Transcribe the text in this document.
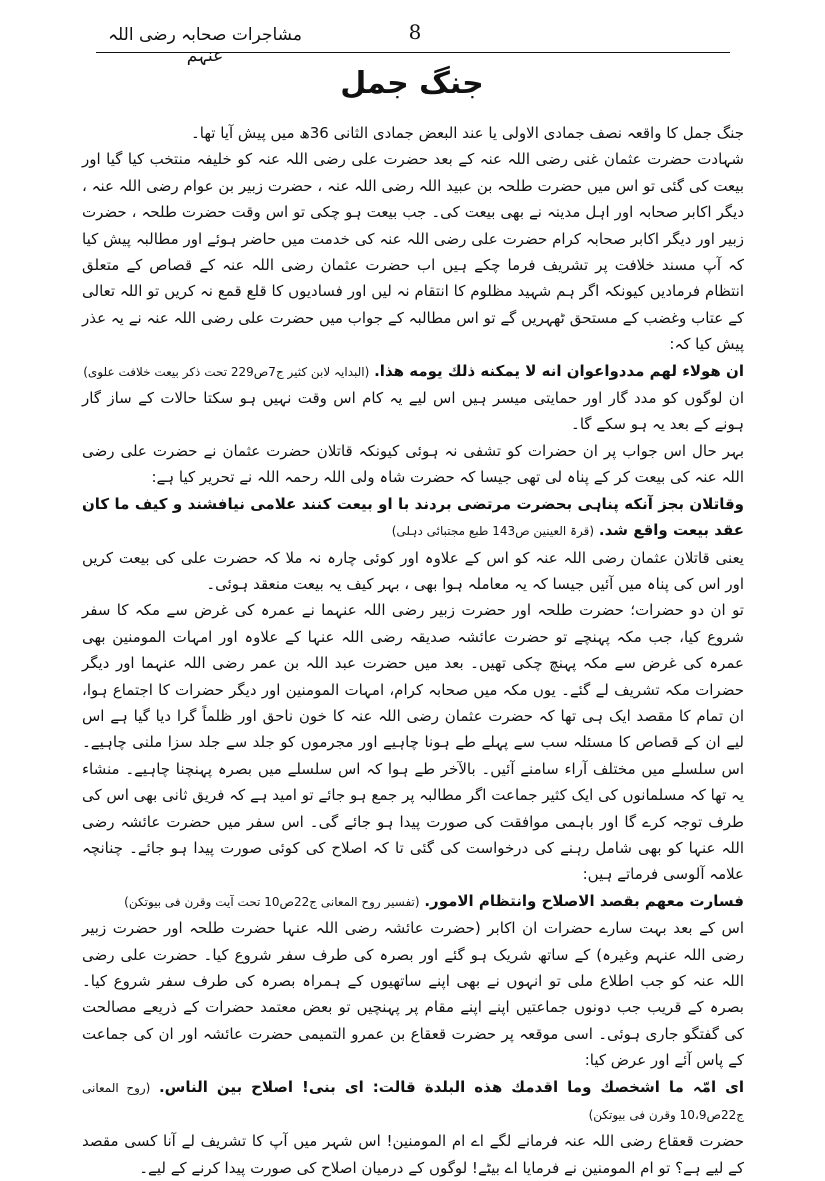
مشاجرات صحابہ رضی اللہ عنہم
8
جنگ جمل

جنگ جمل کا واقعہ نصف جمادی الاولی یا عند البعض جمادی الثانی 36ھ میں پیش آیا تھا۔

شہادت حضرت عثمان غنی رضی اللہ عنہ کے بعد حضرت علی رضی اللہ عنہ کو خلیفہ منتخب کیا گیا اور بیعت کی گئی تو اس میں حضرت طلحہ بن عبید اللہ رضی اللہ عنہ ، حضرت زبیر بن عوام رضی اللہ عنہ ، دیگر اکابر صحابہ اور اہل مدینہ نے بھی بیعت کی۔ جب بیعت ہو چکی تو اس وقت حضرت طلحہ ، حضرت زبیر اور دیگر اکابر صحابہ کرام حضرت علی رضی اللہ عنہ کی خدمت میں حاضر ہوئے اور مطالبہ پیش کیا کہ آپ مسند خلافت پر تشریف فرما چکے ہیں اب حضرت عثمان رضی اللہ عنہ کے قصاص کے متعلق انتظام فرمادیں کیونکہ اگر ہم شہید مظلوم کا انتقام نہ لیں اور فسادیوں کا قلع قمع نہ کریں تو اللہ تعالی کے عتاب وغضب کے مستحق ٹھہریں گے تو اس مطالبہ کے جواب میں حضرت علی رضی اللہ عنہ نے یہ عذر پیش کیا کہ:

ان هولاء لهم مددواعوان انه لا يمكنه ذلك يومه هذا. (البدایہ لابن کثیر ج7ص229 تحت ذکر بیعت خلافت علوی)

ان لوگوں کو مدد گار اور حمایتی میسر ہیں اس لیے یہ کام اس وقت نہیں ہو سکتا حالات کے ساز گار ہونے کے بعد یہ ہو سکے گا۔

بہر حال اس جواب پر ان حضرات کو تشفی نہ ہوئی کیونکہ قاتلان حضرت عثمان نے حضرت علی رضی اللہ عنہ کی بیعت کر کے پناہ لی تھی جیسا کہ حضرت شاہ ولی اللہ رحمہ اللہ نے تحریر کیا ہے:

وقاتلان بجز آنکه پناہی بحضرت مرتضی بردند با او بیعت کنند علامی نیافشند و کیف ما کان عقد بیعت واقع شد. (قرۃ العینین ص143 طبع مجتبائی دہلی)

یعنی قاتلان عثمان رضی اللہ عنہ کو اس کے علاوہ اور کوئی چارہ نہ ملا کہ حضرت علی کی بیعت کریں اور اس کی پناہ میں آئیں جیسا کہ یہ معاملہ ہوا بھی ، بہر کیف یہ بیعت منعقد ہوئی۔

تو ان دو حضرات؛ حضرت طلحہ اور حضرت زبیر رضی اللہ عنہما نے عمرہ کی غرض سے مکہ کا سفر شروع کیا، جب مکہ پہنچے تو حضرت عائشہ صدیقہ رضی اللہ عنہا کے علاوہ اور امہات المومنین بھی عمرہ کی غرض سے مکہ پہنچ چکی تھیں۔ بعد میں حضرت عبد اللہ بن عمر رضی اللہ عنہما اور دیگر حضرات مکہ تشریف لے گئے۔ یوں مکہ میں صحابہ کرام، امہات المومنین اور دیگر حضرات کا اجتماع ہوا، ان تمام کا مقصد ایک ہی تھا کہ حضرت عثمان رضی اللہ عنہ کا خون ناحق اور ظلماً گرا دیا گیا ہے اس لیے ان کے قصاص کا مسئلہ سب سے پہلے طے ہونا چاہیے اور مجرموں کو جلد سے جلد سزا ملنی چاہیے۔ اس سلسلے میں مختلف آراء سامنے آئیں۔ بالآخر طے ہوا کہ اس سلسلے میں بصرہ پہنچنا چاہیے۔ منشاء یہ تھا کہ مسلمانوں کی ایک کثیر جماعت اگر مطالبہ پر جمع ہو جائے تو امید ہے کہ فریق ثانی بھی اس کی طرف توجہ کرے گا اور باہمی موافقت کی صورت پیدا ہو جائے گی۔ اس سفر میں حضرت عائشہ رضی اللہ عنہا کو بھی شامل رہنے کی درخواست کی گئی تا کہ اصلاح کی کوئی صورت پیدا ہو جائے۔ چنانچہ علامہ آلوسی فرماتے ہیں:

فسارت معهم بقصد الاصلاح وانتظام الامور. (تفسیر روح المعانی ج22ص10 تحت آیت وقرن فی بیوتکن)

اس کے بعد بہت سارے حضرات ان اکابر (حضرت عائشہ رضی اللہ عنہا حضرت طلحہ اور حضرت زبیر رضی اللہ عنہم وغیرہ) کے ساتھ شریک ہو گئے اور بصرہ کی طرف سفر شروع کیا۔ حضرت علی رضی اللہ عنہ کو جب اطلاع ملی تو انہوں نے بھی اپنے ساتھیوں کے ہمراہ بصرہ کی طرف سفر شروع کیا۔ بصرہ کے قریب جب دونوں جماعتیں اپنے اپنے مقام پر پہنچیں تو بعض معتمد حضرات کے ذریعے مصالحت کی گفتگو جاری ہوئی۔ اسی موقعہ پر حضرت قعقاع بن عمرو التمیمی حضرت عائشہ اور ان کی جماعت کے پاس آئے اور عرض کیا:

ای امّہ ما اشخصك وما اقدمك هذه البلدة قالت: ای بنی! اصلاح بين الناس. (روح المعانی ج22ص10،9 وقرن فی بیوتکن)

حضرت قعقاع رضی اللہ عنہ فرمانے لگے اے ام المومنین! اس شہر میں آپ کا تشریف لے آنا کسی مقصد کے لیے ہے؟ تو ام المومنین نے فرمایا اے بیٹے! لوگوں کے درمیان اصلاح کی صورت پیدا کرنے کے لیے۔
